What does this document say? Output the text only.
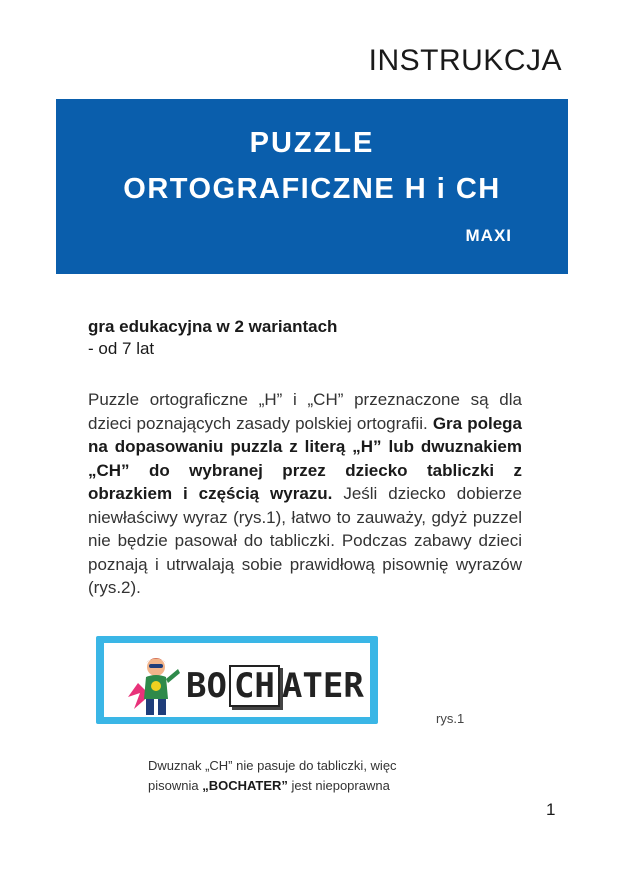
INSTRUKCJA
PUZZLE
ORTOGRAFICZNE H i CH
MAXI
gra edukacyjna w 2 wariantach
- od 7 lat
Puzzle ortograficzne „H” i „CH” przeznaczone są dla dzieci poznających zasady polskiej ortografii. Gra polega na dopasowaniu puzzla z literą „H” lub dwuznakiem „CH” do wybranej przez dziecko tabliczki z obrazkiem i częścią wyrazu. Jeśli dziecko dobierze niewłaściwy wyraz (rys.1), łatwo to zauważy, gdyż puzzel nie będzie pasował do tabliczki. Podczas zabawy dzieci poznają i utrwalają sobie prawidłową pisownię wyrazów (rys.2).
BO CH ATER
rys.1
Dwuznak „CH” nie pasuje do tabliczki, więc
pisownia „BOCHATER” jest niepoprawna
1
